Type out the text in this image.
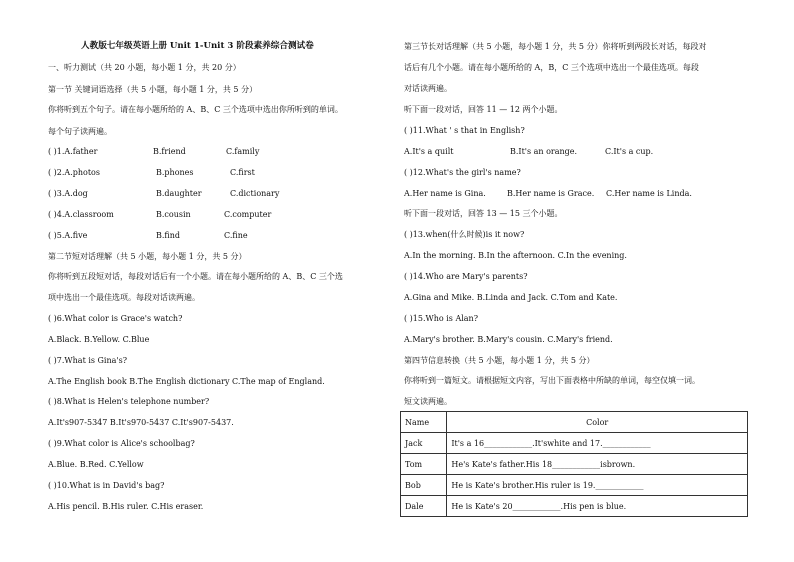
人教版七年级英语上册 Unit 1-Unit 3 阶段素养综合测试卷
一、听力测试（共 20 小题，每小题 1 分，共 20 分）
第一节 关键词语选择（共 5 小题，每小题 1 分，共 5 分）
你将听到五个句子。请在每小题所给的 A、B、C 三个选项中选出你所听到的单词。
每个句子读两遍。
( )1.A.father	B.friend	C.family
( )2.A.photos	B.phones	C.first
( )3.A.dog	B.daughter	C.dictionary
( )4.A.classroom	B.cousin	C.computer
( )5.A.five	B.find	C.fine
第二节短对话理解（共 5 小题，每小题 1 分，共 5 分）
你将听到五段短对话，每段对话后有一个小题。请在每小题所给的 A、B、C 三个选
项中选出一个最佳选项。每段对话读两遍。
( )6.What color is Grace's watch?
A.Black. B.Yellow. C.Blue
( )7.What is Gina's?
A.The English book B.The English dictionary C.The map of England.
( )8.What is Helen's telephone number?
A.It's907-5347 B.It's970-5437 C.It's907-5437.
( )9.What color is Alice's schoolbag?
A.Blue. B.Red. C.Yellow
( )10.What is in David's bag?
A.His pencil. B.His ruler. C.His eraser.
第三节长对话理解（共 5 小题，每小题 1 分，共 5 分）你将听到两段长对话，每段对
话后有几个小题。请在每小题所给的 A，B，C 三个选项中选出一个最佳选项。每段
对话读两遍。
听下面一段对话，回答 11 — 12 两个小题。
( )11.What ' s that in English?
A.It's a quilt	B.It's an orange.	C.It's a cup.
( )12.What's the girl's name?
A.Her name is Gina.	B.Her name is Grace. C.Her name is Linda.
听下面一段对话，回答 13 — 15 三个小题。
( )13.when(什么时候)is it now?
A.In the morning. B.In the afternoon. C.In the evening.
( )14.Who are Mary's parents?
A.Gina and Mike. B.Linda and Jack. C.Tom and Kate.
( )15.Who is Alan?
A.Mary's brother. B.Mary's cousin. C.Mary's friend.
第四节信息转换（共 5 小题，每小题 1 分，共 5 分）
你将听到一篇短文。请根据短文内容，写出下面表格中所缺的单词，每空仅填一词。
短文读两遍。
Name	Color
Jack	It's a 16____________.It'swhite and 17.____________
Tom	He's Kate's father.His 18____________isbrown.
Bob	He is Kate's brother.His ruler is 19.____________
Dale	He is Kate's 20____________.His pen is blue.
